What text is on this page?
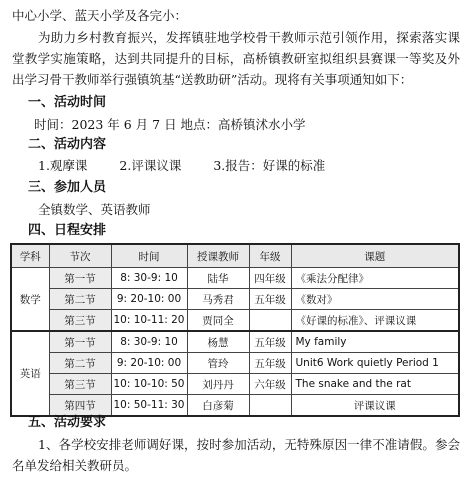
中心小学、蓝天小学及各完小：
为助力乡村教育振兴，发挥镇驻地学校骨干教师示范引领作用，探索落实课堂教学实施策略，达到共同提升的目标，高桥镇教研室拟组织县赛课一等奖及外出学习骨干教师举行强镇筑基“送教助研”活动。现将有关事项通知如下：
一、活动时间
时间：2023 年 6 月 7 日 地点：高桥镇沭水小学
二、活动内容
1.观摩课	2.评课议课	3.报告：好课的标准
三、参加人员
全镇数学、英语教师
四、日程安排
学科	节次	时间	授课教师	年级	课题
数学	第一节	8: 30-9: 10	陆华	四年级	《乘法分配律》
	第二节	9: 20-10: 00	马秀君	五年级	《数对》
	第三节	10: 10-11: 20	贾同全		《好课的标准》、评课议课
英语	第一节	8: 30-9: 10	杨慧	五年级	My family
	第二节	9: 20-10: 00	管玲	五年级	Unit6 Work quietly Period 1
	第三节	10: 10-10: 50	刘丹丹	六年级	The snake and the rat
	第四节	10: 50-11: 30	白彦菊		评课议课
五、活动要求
1、各学校安排老师调好课，按时参加活动，无特殊原因一律不准请假。参会名单发给相关教研员。
